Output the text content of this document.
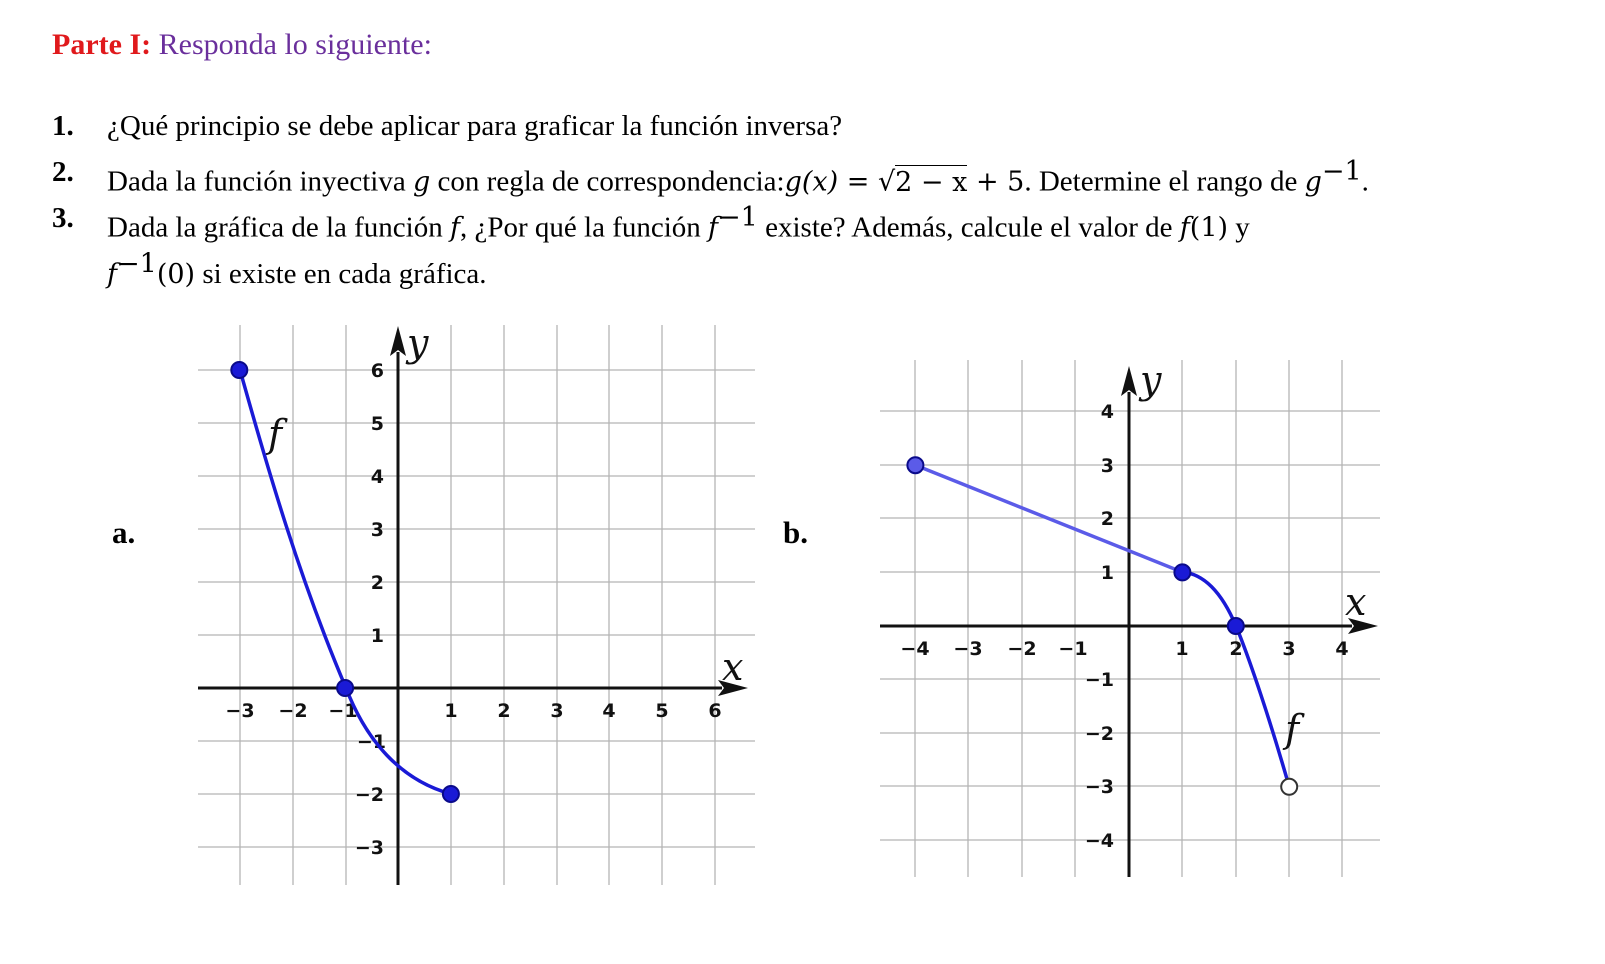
Parte I: Responda lo siguiente:
1. ¿Qué principio se debe aplicar para graficar la función inversa?
2. Dada la función inyectiva g con regla de correspondencia:g(x) = √2 − x + 5. Determine el rango de $g^{-1}$.
3. Dada la gráfica de la función f, ¿Por qué la función $f^{-1}$ existe? Además, calcule el valor de f(1) y
$f^{-1}(0)$ si existe en cada gráfica.
a.	b.
x
y
f
−3 −2 −1	1 2 3 4 5 6
6
5
4
3
2
1
−1
−2
−3
x
y
f
−4 −3 −2 −1	1 2 3 4
4
3
2
1
−1
−2
−3
−4
